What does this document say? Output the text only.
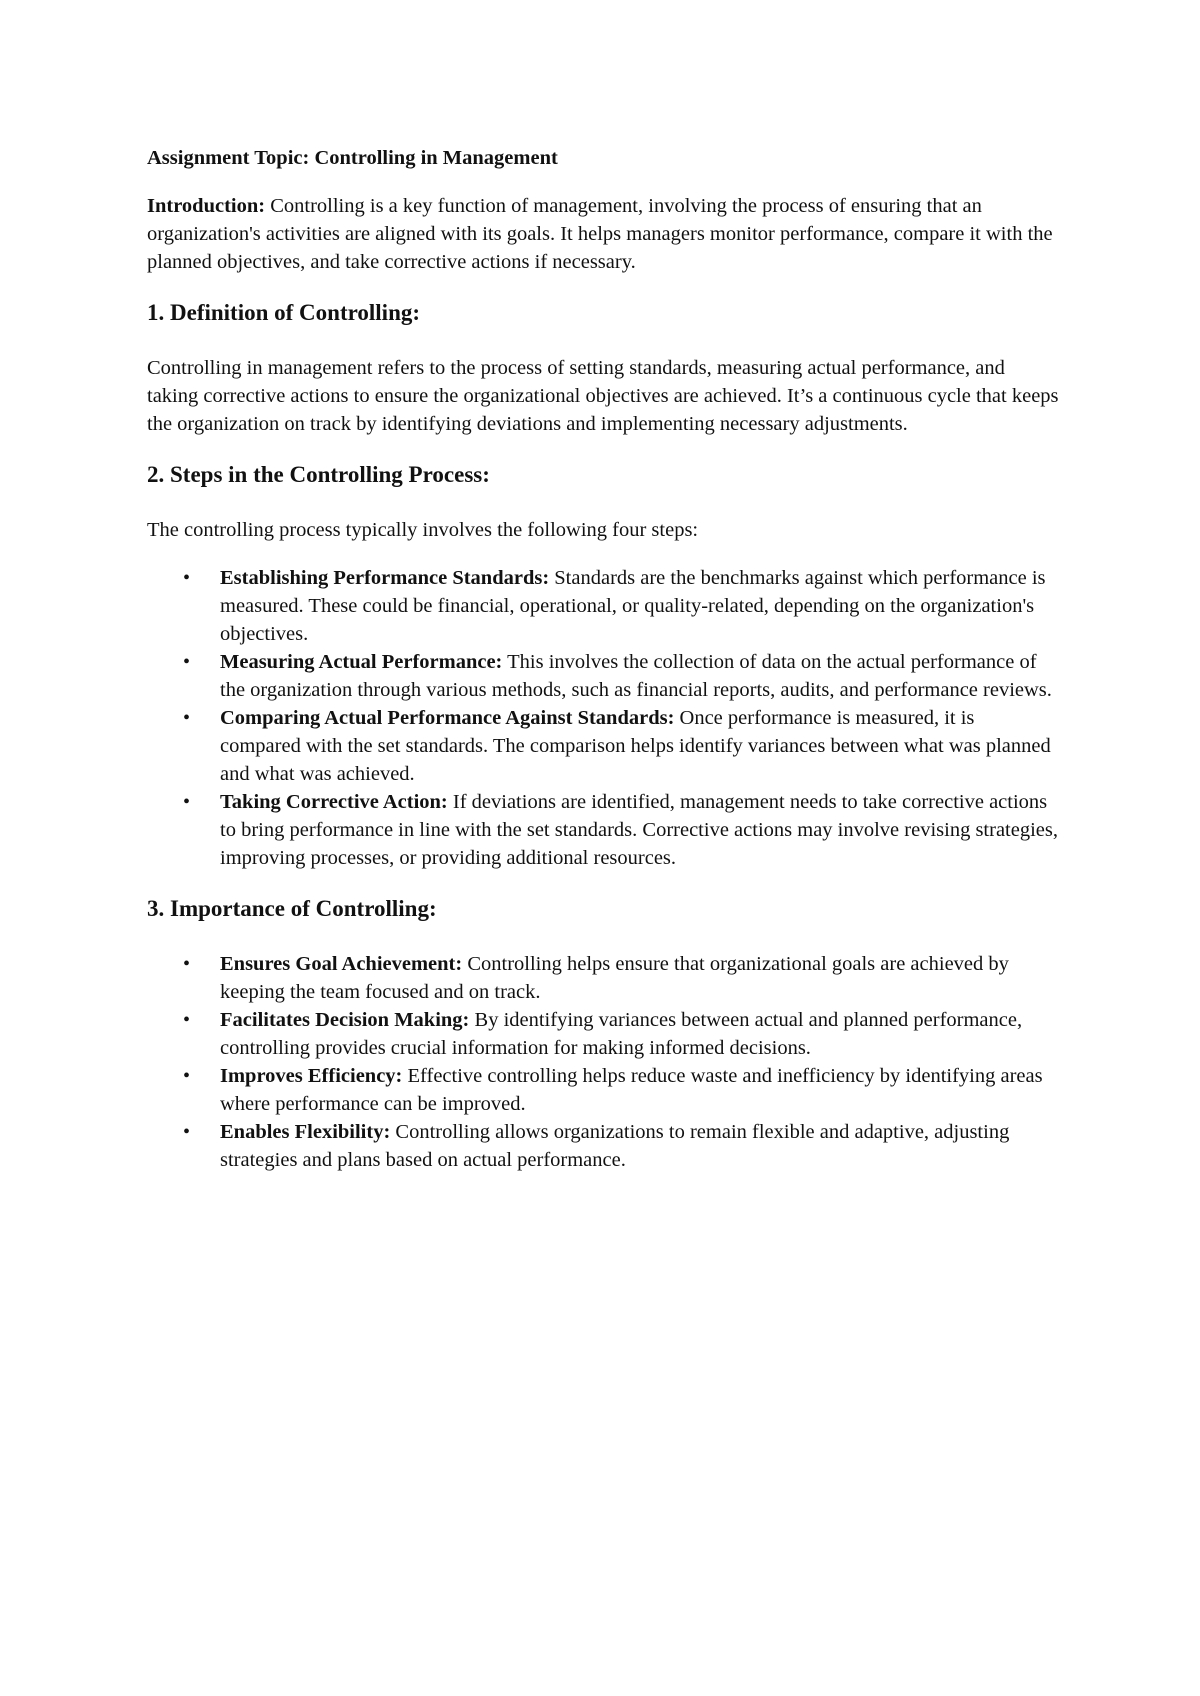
Assignment Topic: Controlling in Management

Introduction: Controlling is a key function of management, involving the process of ensuring that an organization's activities are aligned with its goals. It helps managers monitor performance, compare it with the planned objectives, and take corrective actions if necessary.

1. Definition of Controlling:

Controlling in management refers to the process of setting standards, measuring actual performance, and taking corrective actions to ensure the organizational objectives are achieved. It’s a continuous cycle that keeps the organization on track by identifying deviations and implementing necessary adjustments.

2. Steps in the Controlling Process:

The controlling process typically involves the following four steps:

• Establishing Performance Standards: Standards are the benchmarks against which performance is measured. These could be financial, operational, or quality-related, depending on the organization's objectives.
• Measuring Actual Performance: This involves the collection of data on the actual performance of the organization through various methods, such as financial reports, audits, and performance reviews.
• Comparing Actual Performance Against Standards: Once performance is measured, it is compared with the set standards. The comparison helps identify variances between what was planned and what was achieved.
• Taking Corrective Action: If deviations are identified, management needs to take corrective actions to bring performance in line with the set standards. Corrective actions may involve revising strategies, improving processes, or providing additional resources.
3. Importance of Controlling:
• Ensures Goal Achievement: Controlling helps ensure that organizational goals are achieved by keeping the team focused and on track.
• Facilitates Decision Making: By identifying variances between actual and planned performance, controlling provides crucial information for making informed decisions.
• Improves Efficiency: Effective controlling helps reduce waste and inefficiency by identifying areas where performance can be improved.
• Enables Flexibility: Controlling allows organizations to remain flexible and adaptive, adjusting strategies and plans based on actual performance.
